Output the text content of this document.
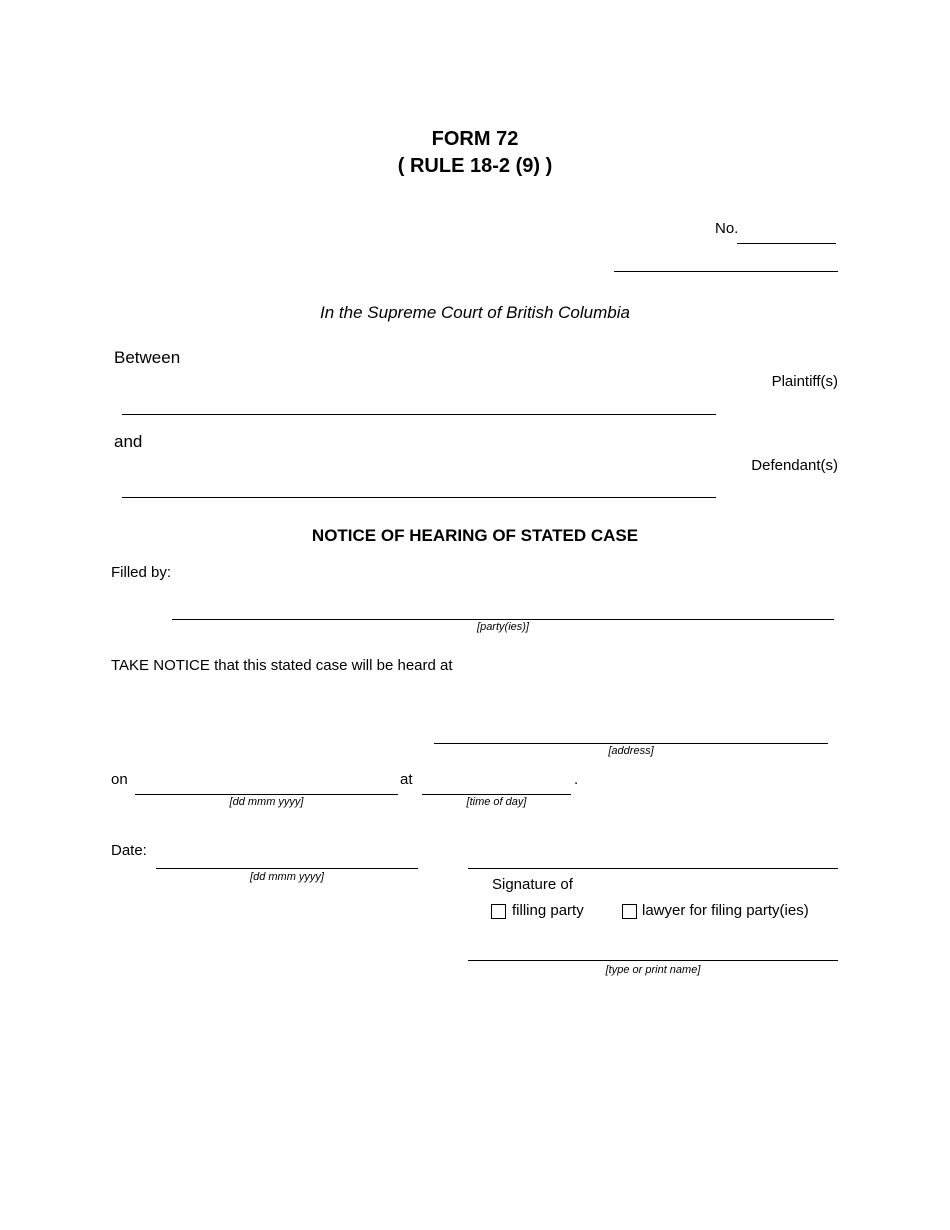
FORM 72
( RULE 18-2 (9) )
No.
In the Supreme Court of British Columbia
Between
Plaintiff(s)
and
Defendant(s)
NOTICE OF HEARING OF STATED CASE
Filled by:
[party(ies)]
TAKE NOTICE that this stated case will be heard at
[address]
on
[dd mmm yyyy]
at
[time of day]
.
Date:
[dd mmm yyyy]	Signature of
filling party	lawyer for filing party(ies)
[type or print name]
